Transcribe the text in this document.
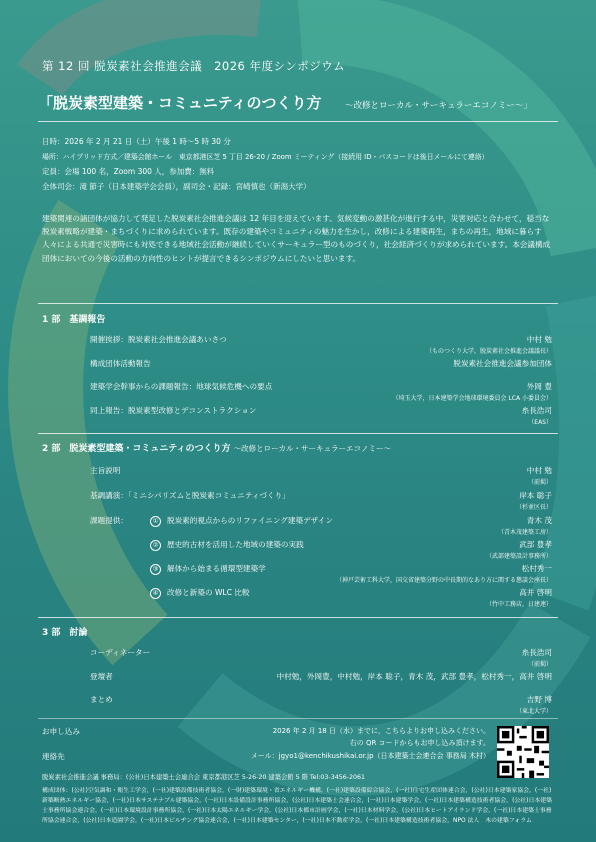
第 12 回 脱炭素社会推進会議　2026 年度シンポジウム
「脱炭素型建築・コミュニティのつくり方	～改修とローカル・サーキュラーエコノミー～」
日時：2026 年 2 月 21 日（土）午後 1 時～5 時 30 分
場所：ハイブリッド方式／建築会館ホール　東京都港区芝 5 丁目 26-20 / Zoom ミーティング（接続用 ID・パスコードは後日メールにて連絡）
定員：会場 100 名，Zoom 300 人，参加費：無料
全体司会：滝 節子（日本建築学会会員），副司会・記録：宮崎慎也（新潟大学）
建築関連の諸団体が協力して発足した脱炭素社会推進会議は 12 年目を迎えています。気候変動の激甚化が進行する中，災害対応と合わせて，穏当な脱炭素戦略が建築・まちづくりに求められています。既存の建築やコミュニティの魅力を生かし，改修による建築再生，まちの再生，地域に暮らす人々による共通で災害時にも対処できる地域社会活動が継続していくサーキュラー型のものづくり，社会経済づくりが求められています。本会議構成団体においての今後の活動の方向性のヒントが提言できるシンポジウムにしたいと思います。
1 部　基調報告
開催挨拶：脱炭素社会推進会議あいさつ	中村 勉
（ものつくり大学，脱炭素社会推進会議議長）
構成団体活動報告	脱炭素社会推進会議参加団体
建築学会幹事からの課題報告：地球気候危機への要点	外岡 豊
（埼玉大学，日本建築学会地球環境委員会 LCA 小委員会）
同上報告：脱炭素型改修とデコンストラクション	糸長浩司
（EAS）
2 部　脱炭素型建築・コミュニティのつくり方 ～改修とローカル・サーキュラーエコノミー～
主旨説明	中村 勉
（前掲）
基調講演：「ミニシパリズムと脱炭素コミュニティづくり」	岸本 聡子
（杉並区長）
課題提供：	① 脱炭素的視点からのリファイニング建築デザイン	青木 茂
（青木茂建築工房）
② 歴史的古材を活用した地域の建築の実践	武部 豊孝
（武部建築設計事務所）
③ 解体から始まる循環型建築学	松村秀一
（神戸芸術工科大学，国交省建築分野の中長期的なあり方に関する懇談会座長）
④ 改修と新築の WLC 比較	高井 啓明
（竹中工務店，日建連）
3 部　討論
コーディネーター	糸長浩司
（前掲）
登壇者	中村勉，外岡豊，中村勉，岸本 聡子，青木 茂，武部 豊孝，松村秀一，高井 啓明
まとめ	吉野 博
（東北大学）
お申し込み	2026 年 2 月 18 日（水）までに，こちらよりお申し込みください。
右の QR コードからもお申し込み頂けます。
連絡先	メール：jgyo1@kenchikushikai.or.jp（日本建築士会連合会 事務局 木村）
脱炭素社会推進会議 事務局：(公社)日本建築士会連合会 東京都港区芝 5-26-20 建築会館 5 階 Tel:03-3456-2061
構成団体：(公社)空気調和・衛生工学会，(一社)建築設備技術者協会，(一財)建築環境・省エネルギー機構，(一社)建築設備綜合協会，(一社)住宅生産団体連合会，(公社)日本建築家協会，(一社)新築断熱エネルギー協会，(一社)日本サステナブル建築協会，(一社)日本設備設計事務所協会，(公社)日本建築士会連合会，(一社)日本建築学会，(一社)日本建築構造技術者協会，(公社)日本建築士事務所協会連合会，(一社)日本環境設計事務所協会，(一社)日本太陽エネルギー学会，(公社)日本都市計画学会，(一社)日本材料学会，(公社)日本ヒートアイランド学会，(一社)日本建築士事務所協会連合会，(公社)日本造園学会，(一社)日本ビルヂング協会連合会，(一社)日本建築センター，(一社)日本不動産学会，(一社)日本建築構造技術者協会，NPO 法人　木の建築フォラム
